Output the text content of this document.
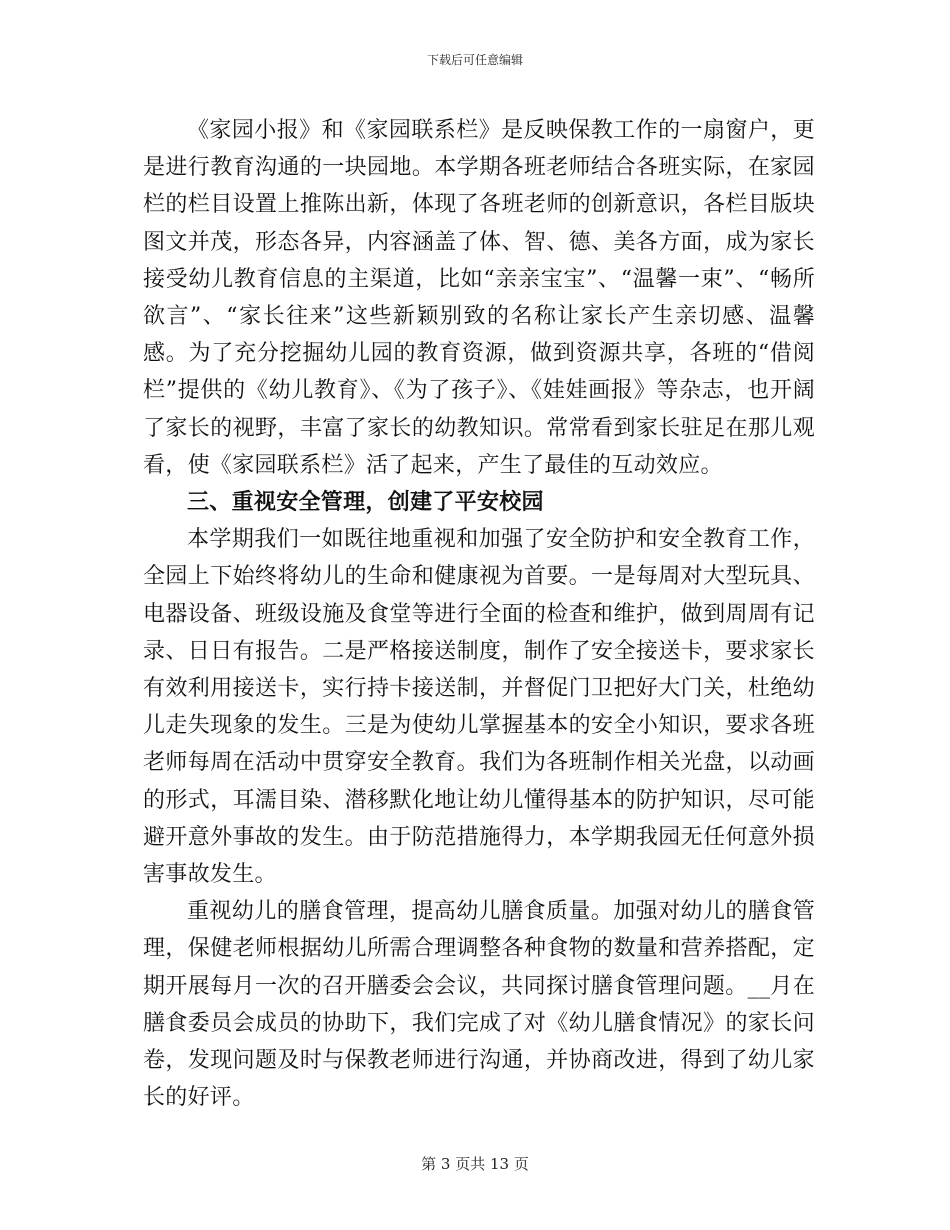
下载后可任意编辑

《家园小报》和《家园联系栏》是反映保教工作的一扇窗户，更是进行教育沟通的一块园地。本学期各班老师结合各班实际，在家园栏的栏目设置上推陈出新，体现了各班老师的创新意识，各栏目版块图文并茂，形态各异，内容涵盖了体、智、德、美各方面，成为家长接受幼儿教育信息的主渠道，比如“亲亲宝宝”、“温馨一束”、“畅所欲言”、“家长往来”这些新颖别致的名称让家长产生亲切感、温馨感。为了充分挖掘幼儿园的教育资源，做到资源共享，各班的“借阅栏”提供的《幼儿教育》、《为了孩子》、《娃娃画报》等杂志，也开阔了家长的视野，丰富了家长的幼教知识。常常看到家长驻足在那儿观看，使《家园联系栏》活了起来，产生了最佳的互动效应。

三、重视安全管理，创建了平安校园

本学期我们一如既往地重视和加强了安全防护和安全教育工作，全园上下始终将幼儿的生命和健康视为首要。一是每周对大型玩具、电器设备、班级设施及食堂等进行全面的检查和维护，做到周周有记录、日日有报告。二是严格接送制度，制作了安全接送卡，要求家长有效利用接送卡，实行持卡接送制，并督促门卫把好大门关，杜绝幼儿走失现象的发生。三是为使幼儿掌握基本的安全小知识，要求各班老师每周在活动中贯穿安全教育。我们为各班制作相关光盘，以动画的形式，耳濡目染、潜移默化地让幼儿懂得基本的防护知识，尽可能避开意外事故的发生。由于防范措施得力，本学期我园无任何意外损害事故发生。

重视幼儿的膳食管理，提高幼儿膳食质量。加强对幼儿的膳食管理，保健老师根据幼儿所需合理调整各种食物的数量和营养搭配，定期开展每月一次的召开膳委会会议，共同探讨膳食管理问题。__月在膳食委员会成员的协助下，我们完成了对《幼儿膳食情况》的家长问卷，发现问题及时与保教老师进行沟通，并协商改进，得到了幼儿家长的好评。

第 3 页共 13 页
